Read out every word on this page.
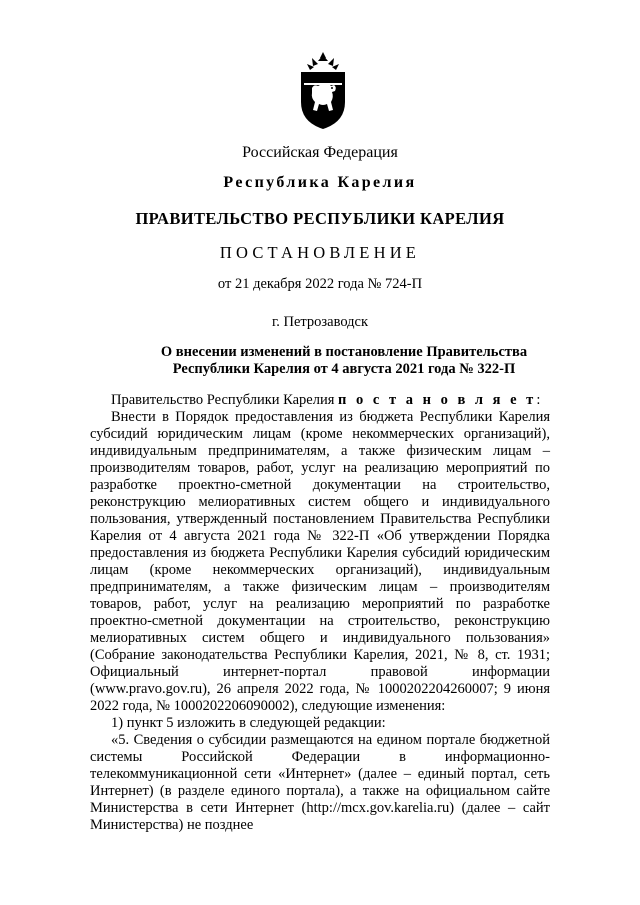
Российская Федерация
Республика Карелия
ПРАВИТЕЛЬСТВО РЕСПУБЛИКИ КАРЕЛИЯ
ПОСТАНОВЛЕНИЕ
от 21 декабря 2022 года № 724-П
г. Петрозаводск
О внесении изменений в постановление Правительства
Республики Карелия от 4 августа 2021 года № 322-П

Правительство Республики Карелия п о с т а н о в л я е т:

Внести в Порядок предоставления из бюджета Республики Карелия субсидий юридическим лицам (кроме некоммерческих организаций), индивидуальным предпринимателям, а также физическим лицам – производителям товаров, работ, услуг на реализацию мероприятий по разработке проектно-сметной документации на строительство, реконструкцию мелиоративных систем общего и индивидуального пользования, утвержденный постановлением Правительства Республики Карелия от 4 августа 2021 года № 322-П «Об утверждении Порядка предоставления из бюджета Республики Карелия субсидий юридическим лицам (кроме некоммерческих организаций), индивидуальным предпринимателям, а также физическим лицам – производителям товаров, работ, услуг на реализацию мероприятий по разработке проектно-сметной документации на строительство, реконструкцию мелиоративных систем общего и индивидуального пользования» (Собрание законодательства Республики Карелия, 2021, № 8, ст. 1931; Официальный интернет-портал правовой информации (www.pravo.gov.ru), 26 апреля 2022 года, № 1000202204260007; 9 июня 2022 года, № 1000202206090002), следующие изменения:

1) пункт 5 изложить в следующей редакции:

«5. Сведения о субсидии размещаются на едином портале бюджетной системы Российской Федерации в информационно-телекоммуникационной сети «Интернет» (далее – единый портал, сеть Интернет) (в разделе единого портала), а также на официальном сайте Министерства в сети Интернет (http://mcx.gov.karelia.ru) (далее – сайт Министерства) не позднее
